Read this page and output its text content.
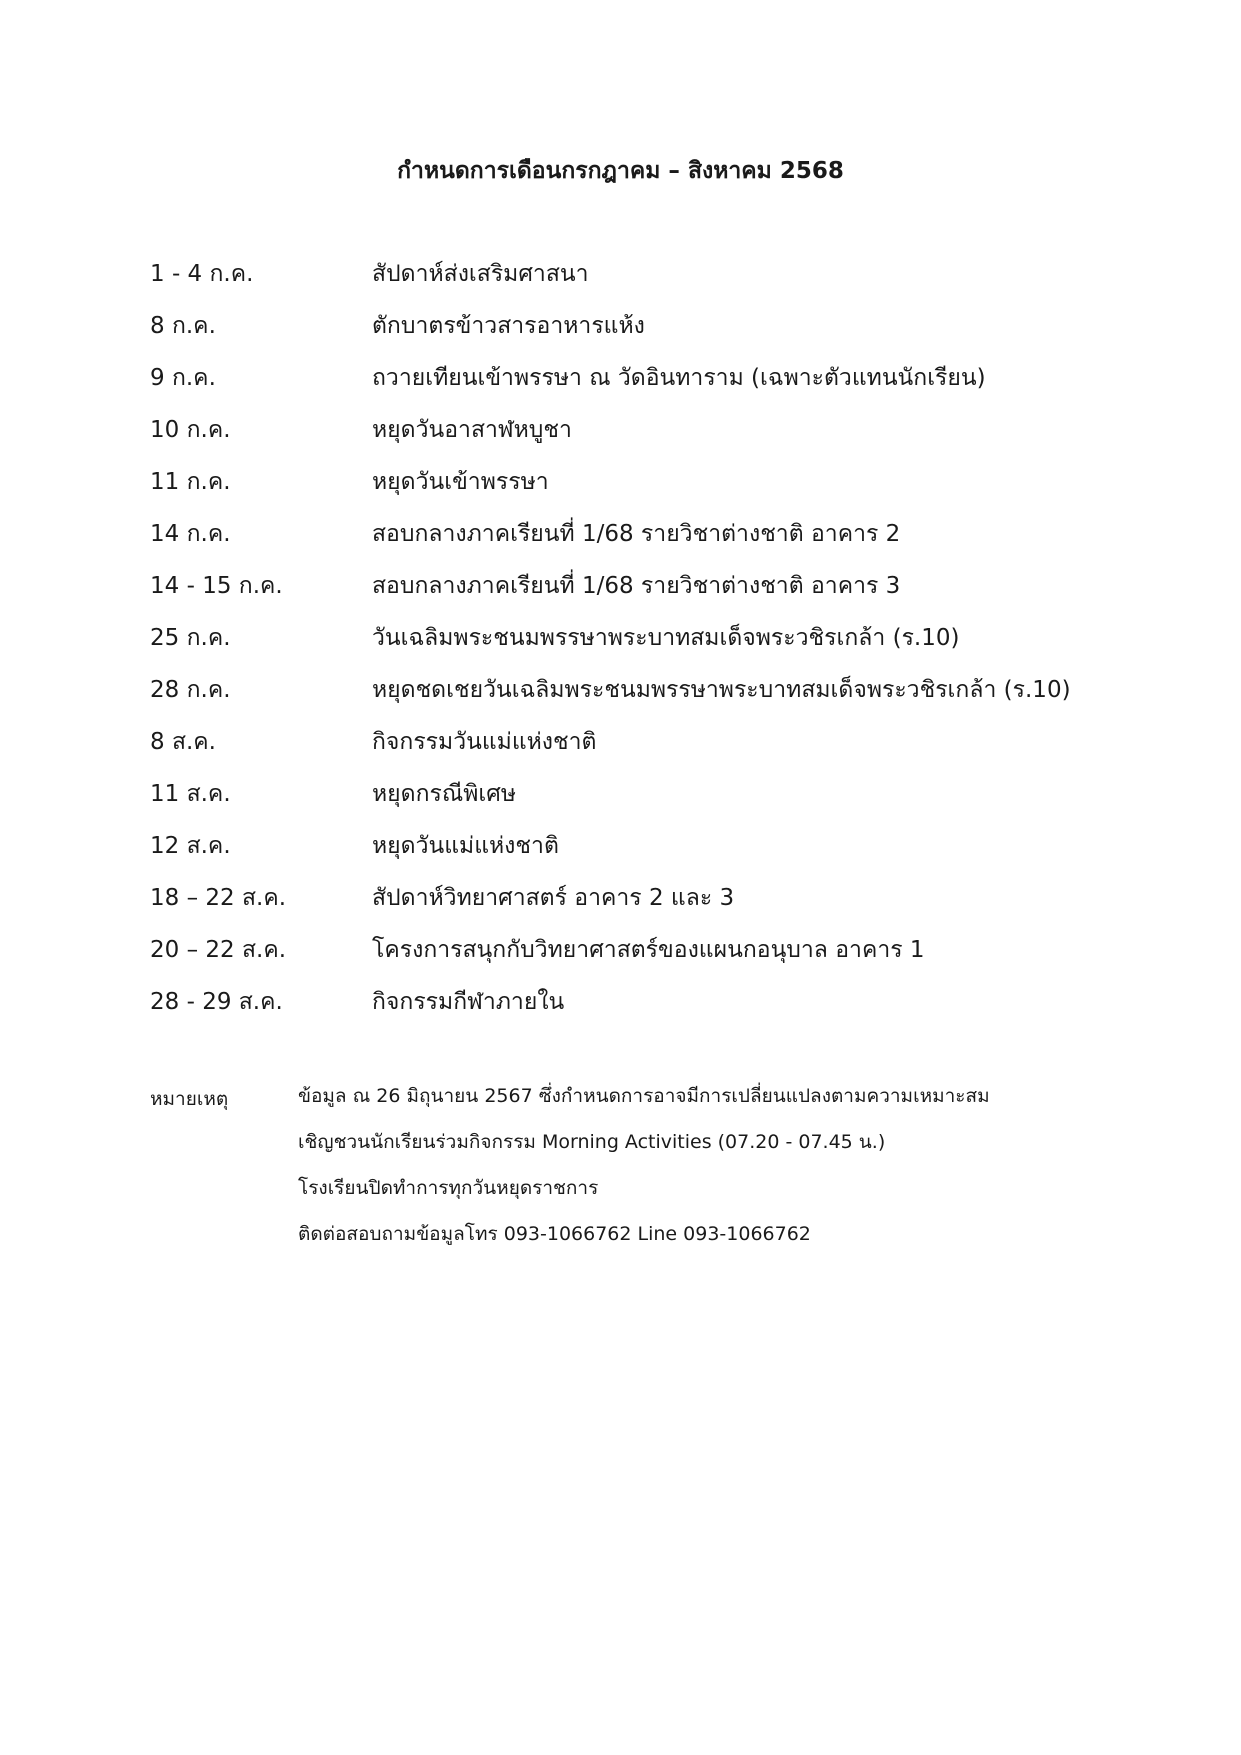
กำหนดการเดือนกรกฎาคม – สิงหาคม 2568
1 - 4 ก.ค.	สัปดาห์ส่งเสริมศาสนา
8 ก.ค.	ตักบาตรข้าวสารอาหารแห้ง
9 ก.ค.	ถวายเทียนเข้าพรรษา ณ วัดอินทาราม (เฉพาะตัวแทนนักเรียน)
10 ก.ค.	หยุดวันอาสาฬหบูชา
11 ก.ค.	หยุดวันเข้าพรรษา
14 ก.ค.	สอบกลางภาคเรียนที่ 1/68 รายวิชาต่างชาติ อาคาร 2
14 - 15 ก.ค.	สอบกลางภาคเรียนที่ 1/68 รายวิชาต่างชาติ อาคาร 3
25 ก.ค.	วันเฉลิมพระชนมพรรษาพระบาทสมเด็จพระวชิรเกล้า (ร.10)
28 ก.ค.	หยุดชดเชยวันเฉลิมพระชนมพรรษาพระบาทสมเด็จพระวชิรเกล้า (ร.10)
8 ส.ค.	กิจกรรมวันแม่แห่งชาติ
11 ส.ค.	หยุดกรณีพิเศษ
12 ส.ค.	หยุดวันแม่แห่งชาติ
18 – 22 ส.ค.	สัปดาห์วิทยาศาสตร์ อาคาร 2 และ 3
20 – 22 ส.ค.	โครงการสนุกกับวิทยาศาสตร์ของแผนกอนุบาล อาคาร 1
28 - 29 ส.ค.	กิจกรรมกีฬาภายใน
หมายเหตุ	ข้อมูล ณ 26 มิถุนายน 2567 ซึ่งกำหนดการอาจมีการเปลี่ยนแปลงตามความเหมาะสม
เชิญชวนนักเรียนร่วมกิจกรรม Morning Activities (07.20 - 07.45 น.)
โรงเรียนปิดทำการทุกวันหยุดราชการ
ติดต่อสอบถามข้อมูลโทร 093-1066762 Line 093-1066762
